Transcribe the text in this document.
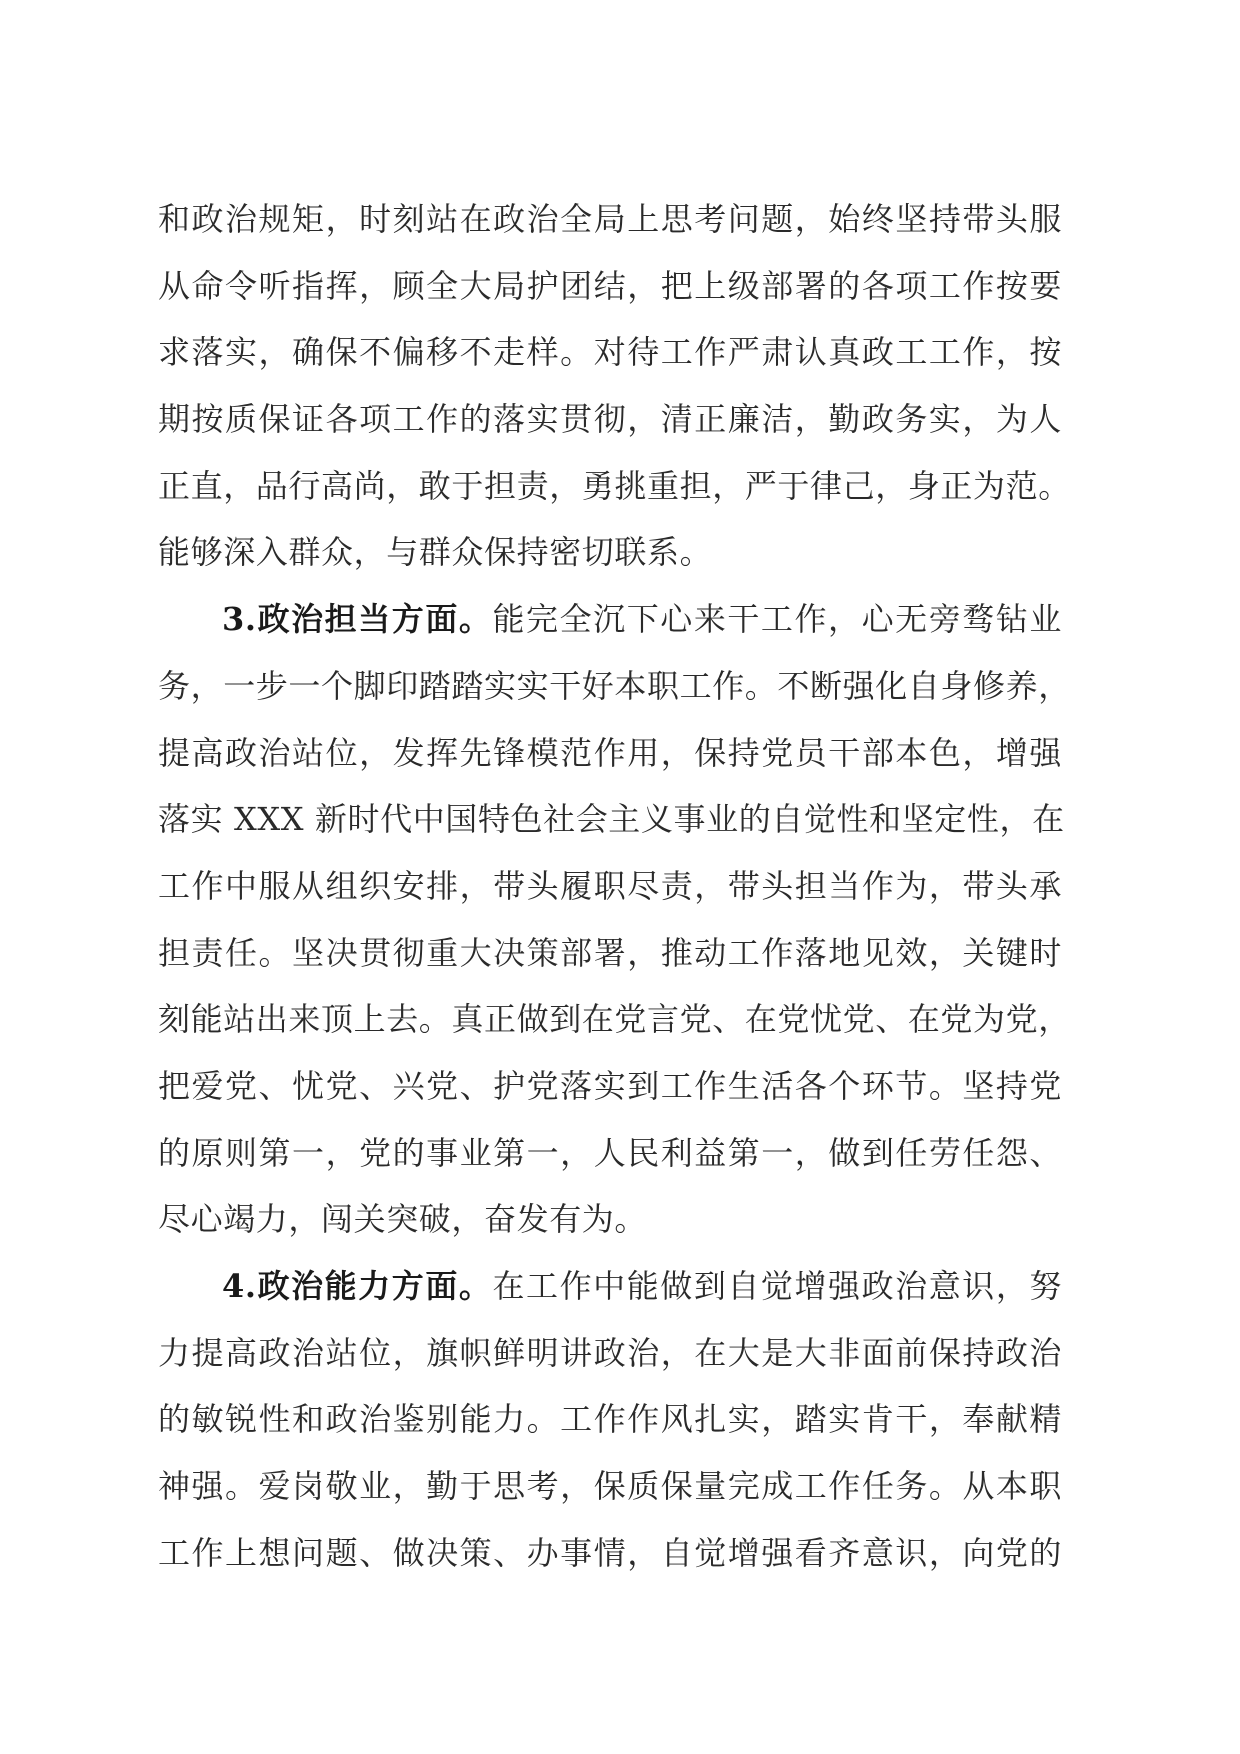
和政治规矩，时刻站在政治全局上思考问题，始终坚持带头服
从命令听指挥，顾全大局护团结，把上级部署的各项工作按要
求落实，确保不偏移不走样。对待工作严肃认真政工工作，按
期按质保证各项工作的落实贯彻，清正廉洁，勤政务实，为人
正直，品行高尚，敢于担责，勇挑重担，严于律己，身正为范。
能够深入群众，与群众保持密切联系。
3.政治担当方面。能完全沉下心来干工作，心无旁骛钻业
务，一步一个脚印踏踏实实干好本职工作。不断强化自身修养，
提高政治站位，发挥先锋模范作用，保持党员干部本色，增强
落实 XXX 新时代中国特色社会主义事业的自觉性和坚定性，在
工作中服从组织安排，带头履职尽责，带头担当作为，带头承
担责任。坚决贯彻重大决策部署，推动工作落地见效，关键时
刻能站出来顶上去。真正做到在党言党、在党忧党、在党为党，
把爱党、忧党、兴党、护党落实到工作生活各个环节。坚持党
的原则第一，党的事业第一，人民利益第一，做到任劳任怨、
尽心竭力，闯关突破，奋发有为。
4.政治能力方面。在工作中能做到自觉增强政治意识，努
力提高政治站位，旗帜鲜明讲政治，在大是大非面前保持政治
的敏锐性和政治鉴别能力。工作作风扎实，踏实肯干，奉献精
神强。爱岗敬业，勤于思考，保质保量完成工作任务。从本职
工作上想问题、做决策、办事情，自觉增强看齐意识，向党的
